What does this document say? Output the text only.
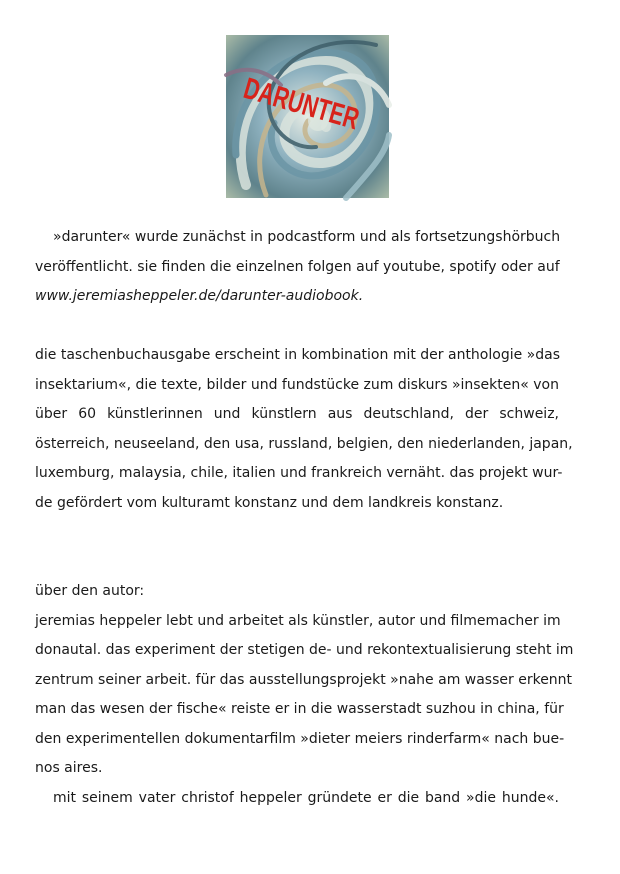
DARUNTER
»darunter« wurde zunächst in podcastform und als fortsetzungshörbuch
veröffentlicht. sie finden die einzelnen folgen auf youtube, spotify oder auf
www.jeremiasheppeler.de/darunter-audiobook.
die taschenbuchausgabe erscheint in kombination mit der anthologie »das
insektarium«, die texte, bilder und fundstücke zum diskurs »insekten« von
über 60 künstlerinnen und künstlern aus deutschland, der schweiz,
österreich, neuseeland, den usa, russland, belgien, den niederlanden, japan,
luxemburg, malaysia, chile, italien und frankreich vernäht. das projekt wur-
de gefördert vom kulturamt konstanz und dem landkreis konstanz.
über den autor:
jeremias heppeler lebt und arbeitet als künstler, autor und filmemacher im
donautal. das experiment der stetigen de- und rekontextualisierung steht im
zentrum seiner arbeit. für das ausstellungsprojekt »nahe am wasser erkennt
man das wesen der fische« reiste er in die wasserstadt suzhou in china, für
den experimentellen dokumentarfilm »dieter meiers rinderfarm« nach bue-
nos aires.
mit seinem vater christof heppeler gründete er die band »die hunde«.
